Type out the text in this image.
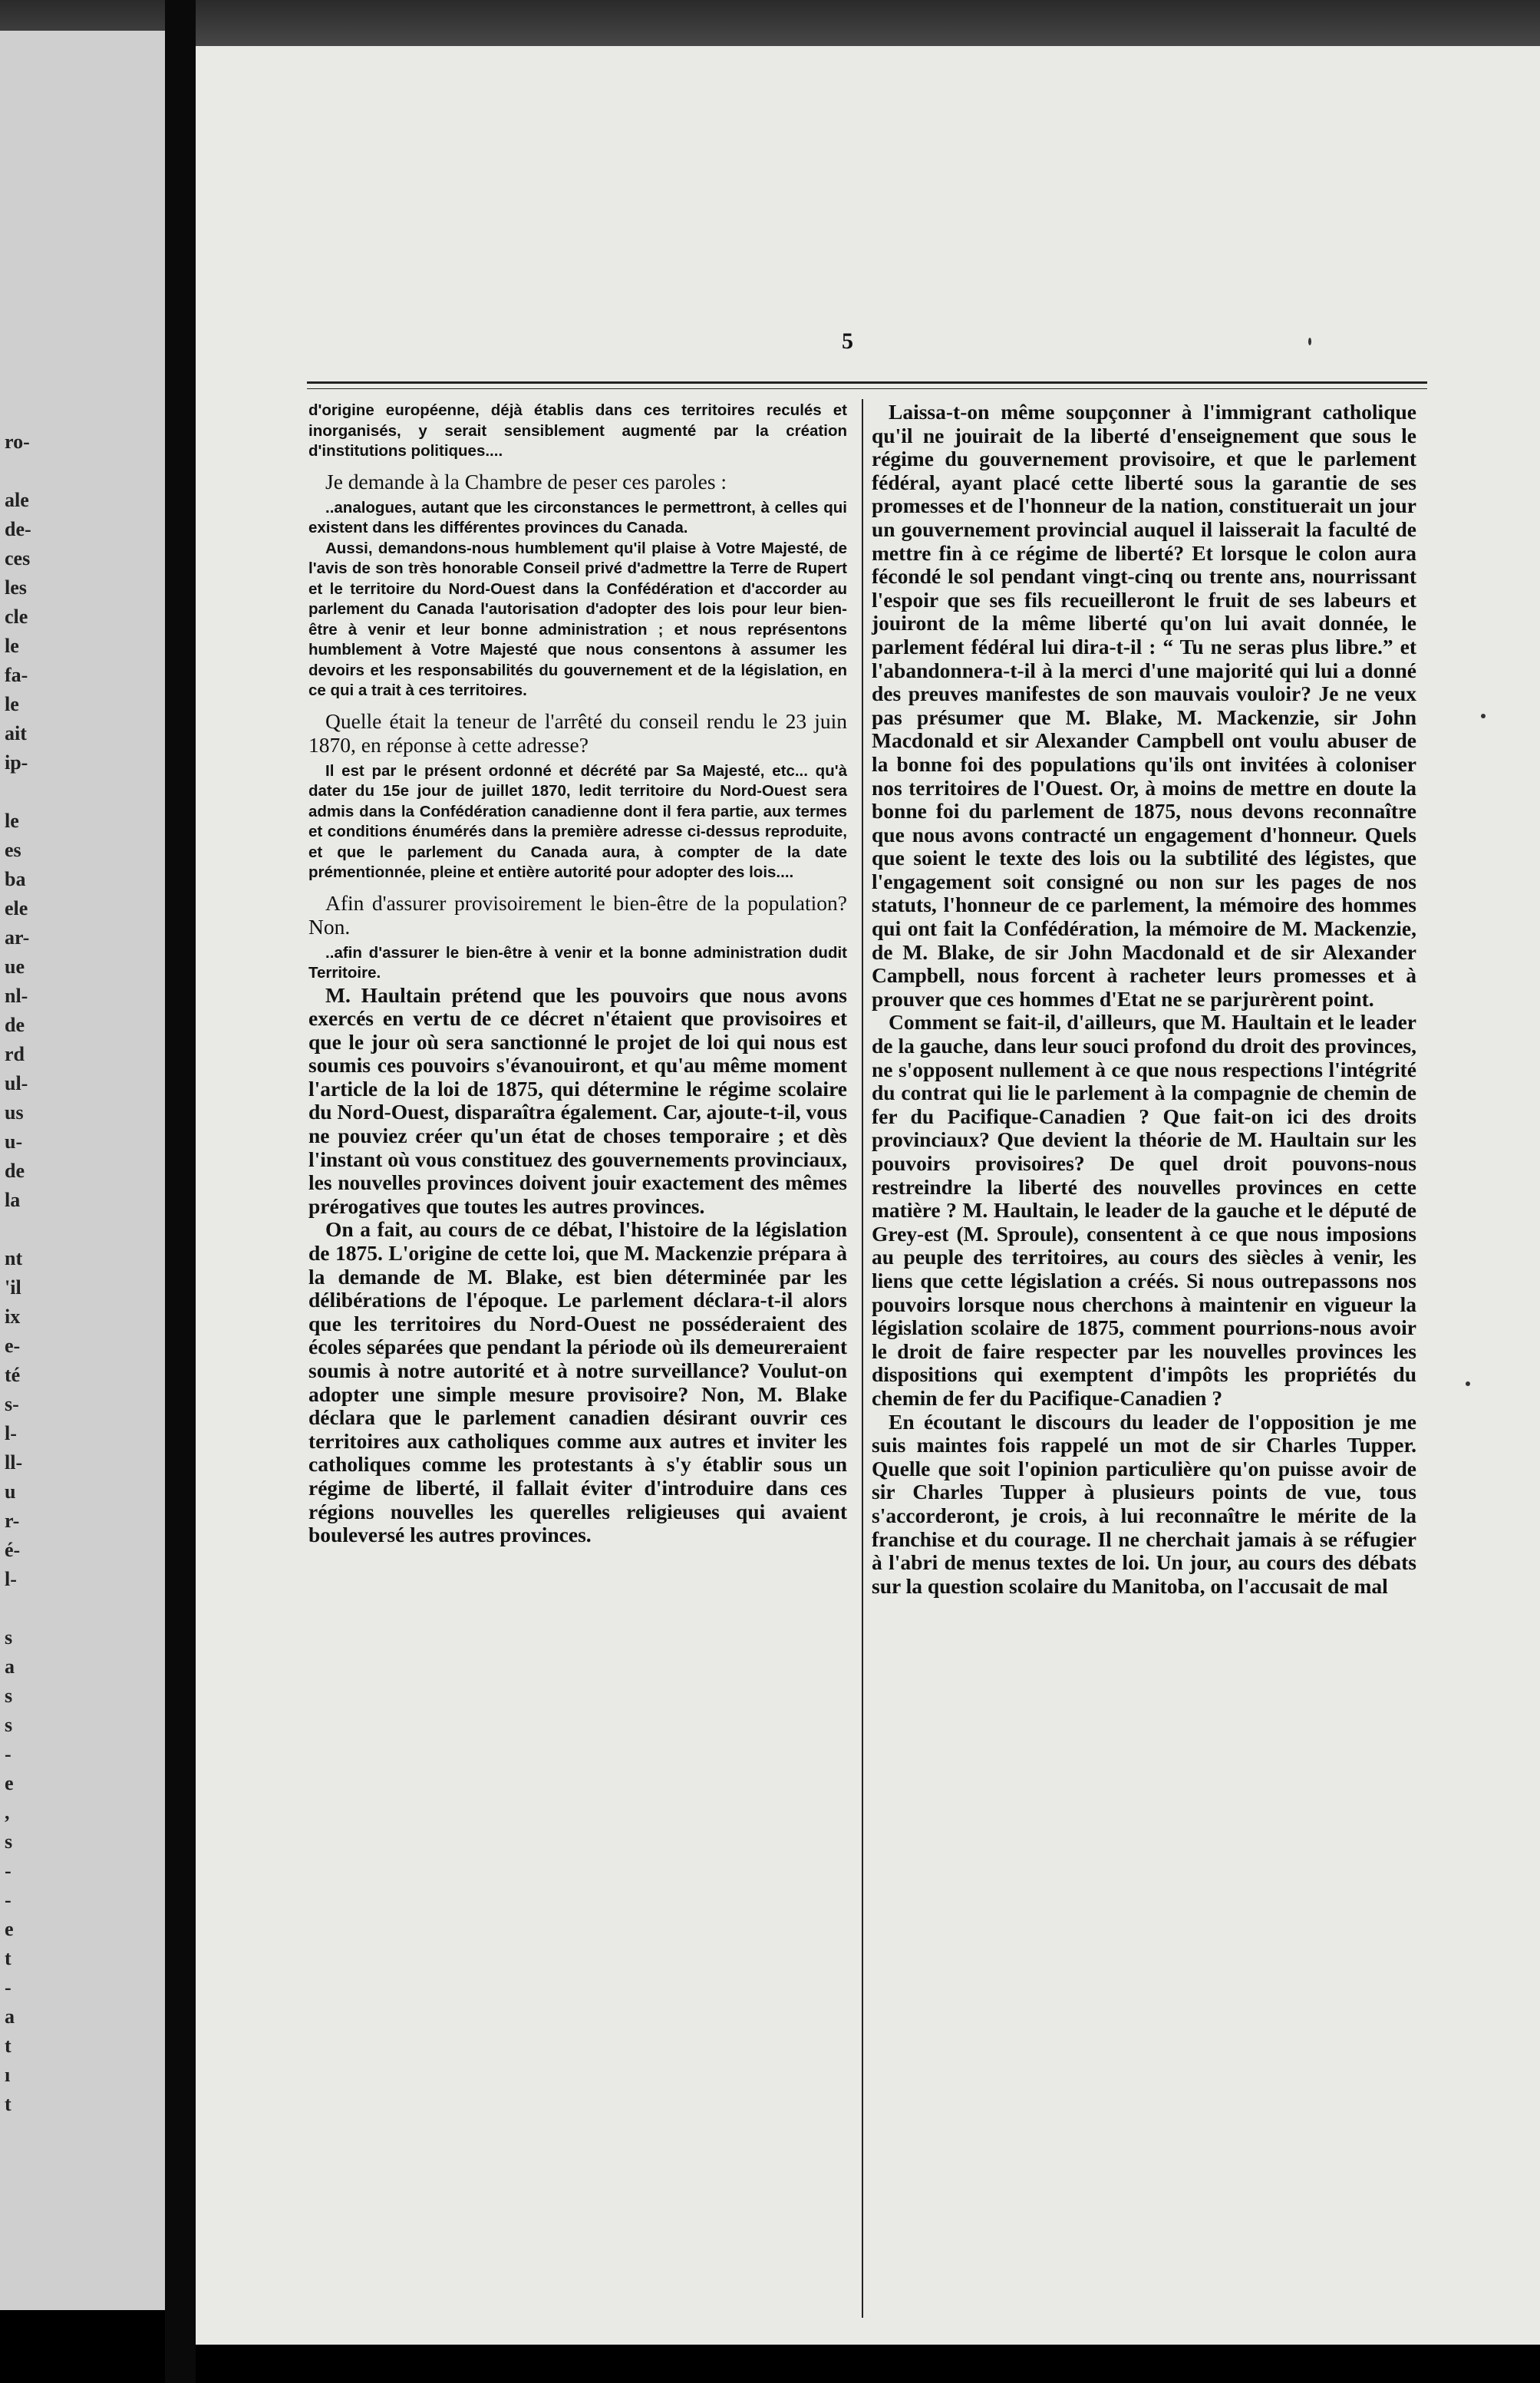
ro-
ale
de-
ces
les
cle
le
fa-
le
ait
ip-
le
es
ba
ele
ar-
ue
nl-
de
rd
ul-
us
u-
de
la
nt
'il
ix
e-
té
s-
l-
ll-
u
r-
é-
l-
s
a
s
s
-
e
,
s
-
-
e
t
-
a
t
ı
t
5

d'origine européenne, déjà établis dans ces territoires reculés et inorganisés, y serait sensiblement augmenté par la création d'institutions politiques....

Je demande à la Chambre de peser ces paroles :

..analogues, autant que les circonstances le permettront, à celles qui existent dans les différentes provinces du Canada.

Aussi, demandons-nous humblement qu'il plaise à Votre Majesté, de l'avis de son très honorable Conseil privé d'admettre la Terre de Rupert et le territoire du Nord-Ouest dans la Confédération et d'accorder au parlement du Canada l'autorisation d'adopter des lois pour leur bien-être à venir et leur bonne administration ; et nous représentons humblement à Votre Majesté que nous consentons à assumer les devoirs et les responsabilités du gouvernement et de la législation, en ce qui a trait à ces territoires.

Quelle était la teneur de l'arrêté du conseil rendu le 23 juin 1870, en réponse à cette adresse?

Il est par le présent ordonné et décrété par Sa Majesté, etc... qu'à dater du 15e jour de juillet 1870, ledit territoire du Nord-Ouest sera admis dans la Confédération canadienne dont il fera partie, aux termes et conditions énumérés dans la première adresse ci-dessus reproduite, et que le parlement du Canada aura, à compter de la date prémentionnée, pleine et entière autorité pour adopter des lois....

Afin d'assurer provisoirement le bien-être de la population? Non.

..afin d'assurer le bien-être à venir et la bonne administration dudit Territoire.

M. Haultain prétend que les pouvoirs que nous avons exercés en vertu de ce décret n'étaient que provisoires et que le jour où sera sanctionné le projet de loi qui nous est soumis ces pouvoirs s'évanouiront, et qu'au même moment l'article de la loi de 1875, qui détermine le régime scolaire du Nord-Ouest, disparaîtra également. Car, ajoute-t-il, vous ne pouviez créer qu'un état de choses temporaire ; et dès l'instant où vous constituez des gouvernements provinciaux, les nouvelles provinces doivent jouir exactement des mêmes prérogatives que toutes les autres provinces.

On a fait, au cours de ce débat, l'histoire de la législation de 1875. L'origine de cette loi, que M. Mackenzie prépara à la demande de M. Blake, est bien déterminée par les délibérations de l'époque. Le parlement déclara-t-il alors que les territoires du Nord-Ouest ne posséderaient des écoles séparées que pendant la période où ils demeureraient soumis à notre autorité et à notre surveillance? Voulut-on adopter une simple mesure provisoire? Non, M. Blake déclara que le parlement canadien désirant ouvrir ces territoires aux catholiques comme aux autres et inviter les catholiques comme les protestants à s'y établir sous un régime de liberté, il fallait éviter d'introduire dans ces régions nouvelles les querelles religieuses qui avaient bouleversé les autres provinces.

Laissa-t-on même soupçonner à l'immigrant catholique qu'il ne jouirait de la liberté d'enseignement que sous le régime du gouvernement provisoire, et que le parlement fédéral, ayant placé cette liberté sous la garantie de ses promesses et de l'honneur de la nation, constituerait un jour un gouvernement provincial auquel il laisserait la faculté de mettre fin à ce régime de liberté? Et lorsque le colon aura fécondé le sol pendant vingt-cinq ou trente ans, nourrissant l'espoir que ses fils recueilleront le fruit de ses labeurs et jouiront de la même liberté qu'on lui avait donnée, le parlement fédéral lui dira-t-il : “ Tu ne seras plus libre.” et l'abandonnera-t-il à la merci d'une majorité qui lui a donné des preuves manifestes de son mauvais vouloir? Je ne veux pas présumer que M. Blake, M. Mackenzie, sir John Macdonald et sir Alexander Campbell ont voulu abuser de la bonne foi des populations qu'ils ont invitées à coloniser nos territoires de l'Ouest. Or, à moins de mettre en doute la bonne foi du parlement de 1875, nous devons reconnaître que nous avons contracté un engagement d'honneur. Quels que soient le texte des lois ou la subtilité des légistes, que l'engagement soit consigné ou non sur les pages de nos statuts, l'honneur de ce parlement, la mémoire des hommes qui ont fait la Confédération, la mémoire de M. Mackenzie, de M. Blake, de sir John Macdonald et de sir Alexander Campbell, nous forcent à racheter leurs promesses et à prouver que ces hommes d'Etat ne se parjurèrent point.

Comment se fait-il, d'ailleurs, que M. Haultain et le leader de la gauche, dans leur souci profond du droit des provinces, ne s'opposent nullement à ce que nous respections l'intégrité du contrat qui lie le parlement à la compagnie de chemin de fer du Pacifique-Canadien ? Que fait-on ici des droits provinciaux? Que devient la théorie de M. Haultain sur les pouvoirs provisoires? De quel droit pouvons-nous restreindre la liberté des nouvelles provinces en cette matière ? M. Haultain, le leader de la gauche et le député de Grey-est (M. Sproule), consentent à ce que nous imposions au peuple des territoires, au cours des siècles à venir, les liens que cette législation a créés. Si nous outrepassons nos pouvoirs lorsque nous cherchons à maintenir en vigueur la législation scolaire de 1875, comment pourrions-nous avoir le droit de faire respecter par les nouvelles provinces les dispositions qui exemptent d'impôts les propriétés du chemin de fer du Pacifique-Canadien ?

En écoutant le discours du leader de l'opposition je me suis maintes fois rappelé un mot de sir Charles Tupper. Quelle que soit l'opinion particulière qu'on puisse avoir de sir Charles Tupper à plusieurs points de vue, tous s'accorderont, je crois, à lui reconnaître le mérite de la franchise et du courage. Il ne cherchait jamais à se réfugier à l'abri de menus textes de loi. Un jour, au cours des débats sur la question scolaire du Manitoba, on l'accusait de mal
